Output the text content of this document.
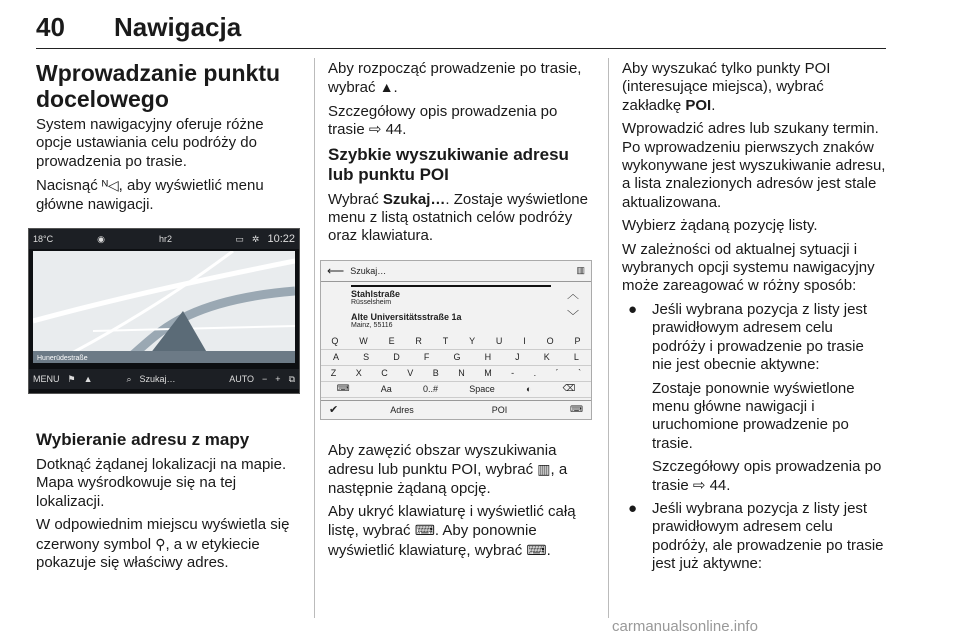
40 Nawigacja
Wprowadzanie punktu docelowego

System nawigacyjny oferuje różne opcje ustawiania celu podróży do prowadzenia po trasie.

Nacisnąć ᴺ◁, aby wyświetlić menu główne nawigacji.

18°C	◉	hr2	▭ ✲ 10:22
Hunerüdestraße
MENU ⚑ ▲	⌕ Szukaj…	AUTO − + ⧉
Wybieranie adresu z mapy

Dotknąć żądanej lokalizacji na mapie. Mapa wyśrodkowuje się na tej lokalizacji.

W odpowiednim miejscu wyświetla się czerwony symbol ⚲, a w etykiecie pokazuje się właściwy adres.

Aby rozpocząć prowadzenie po trasie, wybrać ▲.

Szczegółowy opis prowadzenia po trasie ⇨ 44.

Szybkie wyszukiwanie adresu lub punktu POI

Wybrać Szukaj…. Zostaje wyświetlone menu z listą ostatnich celów podróży oraz klawiatura.

⟵ Szukaj…	▥
Stahlstraße
Rüsselsheim
Alte Universitätsstraße 1a
Mainz, 55116
︿
﹀
Q W E R T Y U I O P
A	S	D	F	G	H	J	K	L
Z X C V B N M - . ´ `
⌨	Aa	0..#	Space	◐	⌫
✔	Adres	POI	⌨

Aby zawęzić obszar wyszukiwania adresu lub punktu POI, wybrać ▥, a następnie żądaną opcję.

Aby ukryć klawiaturę i wyświetlić całą listę, wybrać ⌨. Aby ponownie wyświetlić klawiaturę, wybrać ⌨.

Aby wyszukać tylko punkty POI (interesujące miejsca), wybrać zakładkę POI.

Wprowadzić adres lub szukany termin. Po wprowadzeniu pierwszych znaków wykonywane jest wyszukiwanie adresu, a lista znalezionych adresów jest stale aktualizowana.

Wybierz żądaną pozycję listy.

W zależności od aktualnej sytuacji i wybranych opcji systemu nawigacyjny może zareagować w różny sposób:

● Jeśli wybrana pozycja z listy jest prawidłowym adresem celu podróży i prowadzenie po trasie nie jest obecnie aktywne:

Zostaje ponownie wyświetlone menu główne nawigacji i uruchomione prowadzenie po trasie.

Szczegółowy opis prowadzenia po trasie ⇨ 44.

● Jeśli wybrana pozycja z listy jest prawidłowym adresem celu podróży, ale prowadzenie po trasie jest już aktywne:

carmanualsonline.info
